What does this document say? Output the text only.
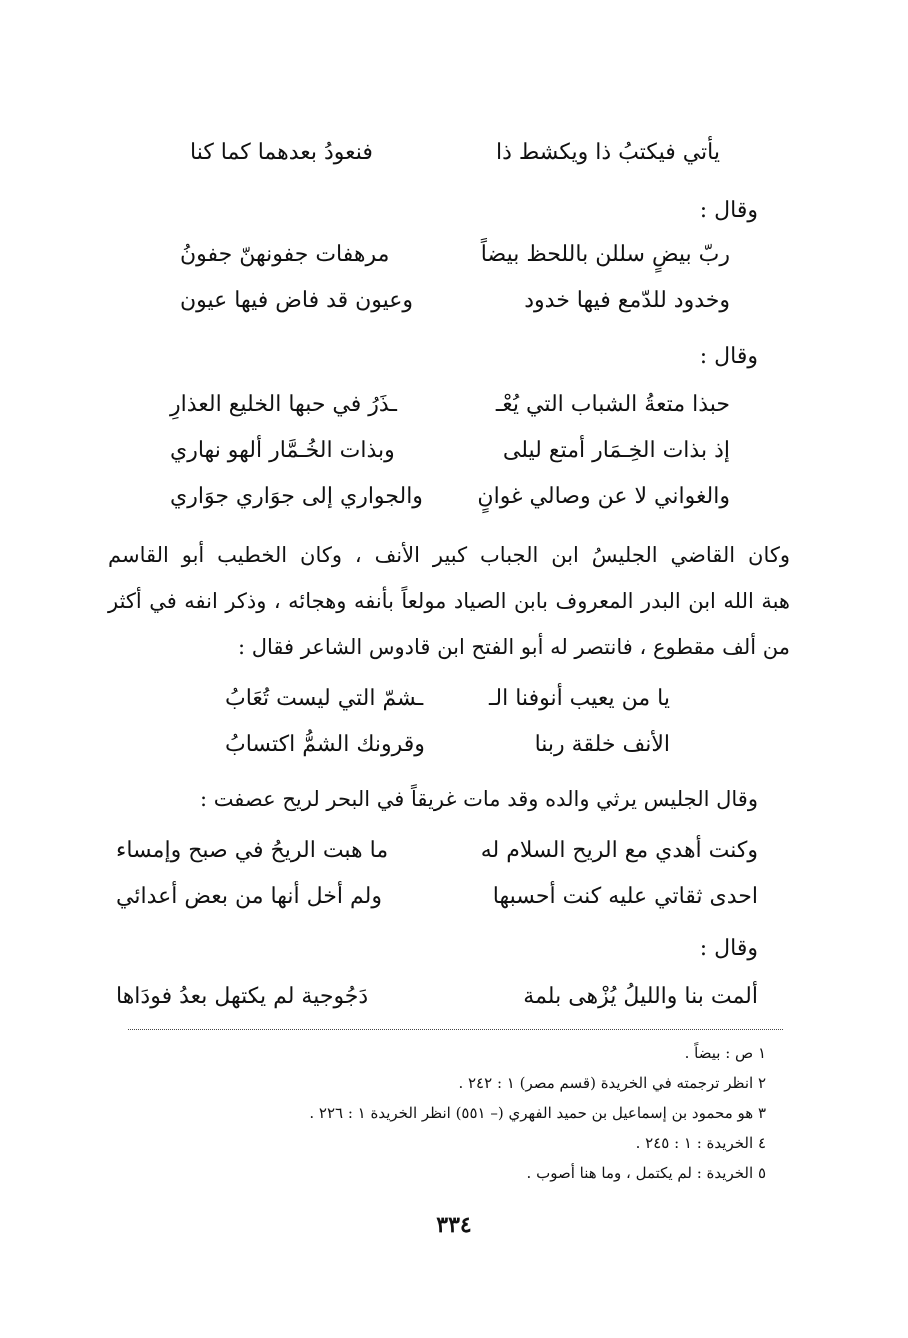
يأتي فيكتبُ ذا ويكشط ذا
فنعودُ بعدهما كما كنا
وقال :
ربّ بيضٍ سللن باللحظ بيضاً
مرهفات جفونهنّ جفونُ
وخدود للدّمع فيها خدود
وعيون قد فاض فيها عيون
وقال :
حبذا متعةُ الشباب التي يُعْـ
ـذَرُ في حبها الخليع العذارِ
إذ بذات الخِـمَار أمتع ليلى
وبذات الخُـمَّار ألهو نهاري
والغواني لا عن وصالي غوانٍ
والجواري إلى جوَاري جوَاري
وكان القاضي الجليسُ ابن الجباب كبير الأنف ، وكان الخطيب أبو القاسم
هبة الله ابن البدر المعروف بابن الصياد مولعاً بأنفه وهجائه ، وذكر انفه في أكثر
من ألف مقطوع ، فانتصر له أبو الفتح ابن قادوس الشاعر فقال :
يا من يعيب أنوفنا الـ
ـشمّ التي ليست تُعَابُ
الأنف خلقة ربنا
وقرونك الشمُّ اكتسابُ
وقال الجليس يرثي والده وقد مات غريقاً في البحر لريح عصفت :
وكنت أهدي مع الريح السلام له
ما هبت الريحُ في صبح وإمساء
احدى ثقاتي عليه كنت أحسبها
ولم أخل أنها من بعض أعدائي
وقال :
ألمت بنا والليلُ يُزْهى بلمة
دَجُوجية لم يكتهل بعدُ فودَاها
١ ص : بيضاً .
٢ انظر ترجمته في الخريدة (قسم مصر) ١ : ٢٤٢ .
٣ هو محمود بن إسماعيل بن حميد الفهري (– ٥٥١) انظر الخريدة ١ : ٢٢٦ .
٤ الخريدة : ١ : ٢٤٥ .
٥ الخريدة : لم يكتمل ، وما هنا أصوب .
٣٣٤
